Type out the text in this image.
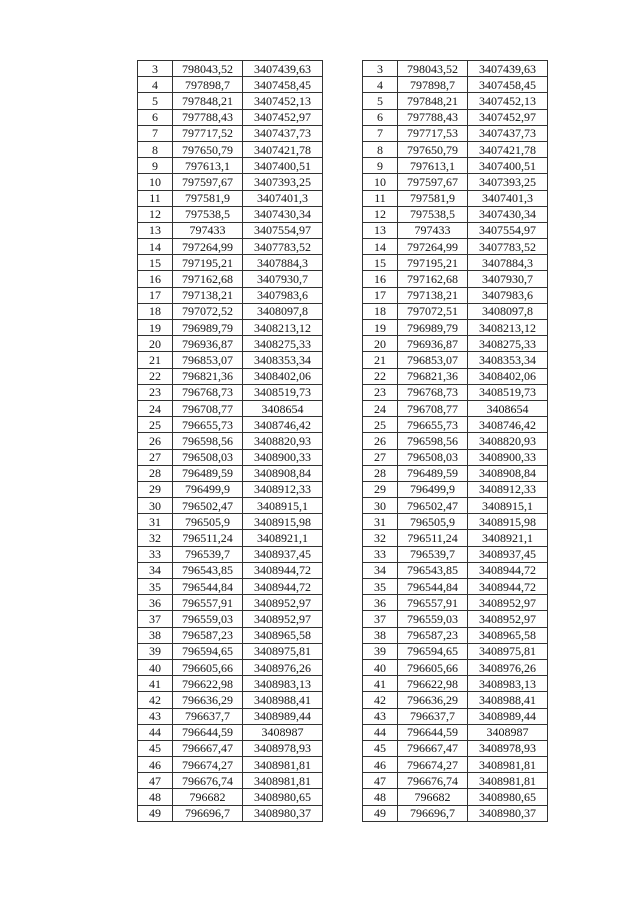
3	798043,52	3407439,63
4	797898,7	3407458,45
5	797848,21	3407452,13
6	797788,43	3407452,97
7	797717,52	3407437,73
8	797650,79	3407421,78
9	797613,1	3407400,51
10	797597,67	3407393,25
11	797581,9	3407401,3
12	797538,5	3407430,34
13	797433	3407554,97
14	797264,99	3407783,52
15	797195,21	3407884,3
16	797162,68	3407930,7
17	797138,21	3407983,6
18	797072,52	3408097,8
19	796989,79	3408213,12
20	796936,87	3408275,33
21	796853,07	3408353,34
22	796821,36	3408402,06
23	796768,73	3408519,73
24	796708,77	3408654
25	796655,73	3408746,42
26	796598,56	3408820,93
27	796508,03	3408900,33
28	796489,59	3408908,84
29	796499,9	3408912,33
30	796502,47	3408915,1
31	796505,9	3408915,98
32	796511,24	3408921,1
33	796539,7	3408937,45
34	796543,85	3408944,72
35	796544,84	3408944,72
36	796557,91	3408952,97
37	796559,03	3408952,97
38	796587,23	3408965,58
39	796594,65	3408975,81
40	796605,66	3408976,26
41	796622,98	3408983,13
42	796636,29	3408988,41
43	796637,7	3408989,44
44	796644,59	3408987
45	796667,47	3408978,93
46	796674,27	3408981,81
47	796676,74	3408981,81
48	796682	3408980,65
49	796696,7	3408980,37
3	798043,52	3407439,63
4	797898,7	3407458,45
5	797848,21	3407452,13
6	797788,43	3407452,97
7	797717,53	3407437,73
8	797650,79	3407421,78
9	797613,1	3407400,51
10	797597,67	3407393,25
11	797581,9	3407401,3
12	797538,5	3407430,34
13	797433	3407554,97
14	797264,99	3407783,52
15	797195,21	3407884,3
16	797162,68	3407930,7
17	797138,21	3407983,6
18	797072,51	3408097,8
19	796989,79	3408213,12
20	796936,87	3408275,33
21	796853,07	3408353,34
22	796821,36	3408402,06
23	796768,73	3408519,73
24	796708,77	3408654
25	796655,73	3408746,42
26	796598,56	3408820,93
27	796508,03	3408900,33
28	796489,59	3408908,84
29	796499,9	3408912,33
30	796502,47	3408915,1
31	796505,9	3408915,98
32	796511,24	3408921,1
33	796539,7	3408937,45
34	796543,85	3408944,72
35	796544,84	3408944,72
36	796557,91	3408952,97
37	796559,03	3408952,97
38	796587,23	3408965,58
39	796594,65	3408975,81
40	796605,66	3408976,26
41	796622,98	3408983,13
42	796636,29	3408988,41
43	796637,7	3408989,44
44	796644,59	3408987
45	796667,47	3408978,93
46	796674,27	3408981,81
47	796676,74	3408981,81
48	796682	3408980,65
49	796696,7	3408980,37
